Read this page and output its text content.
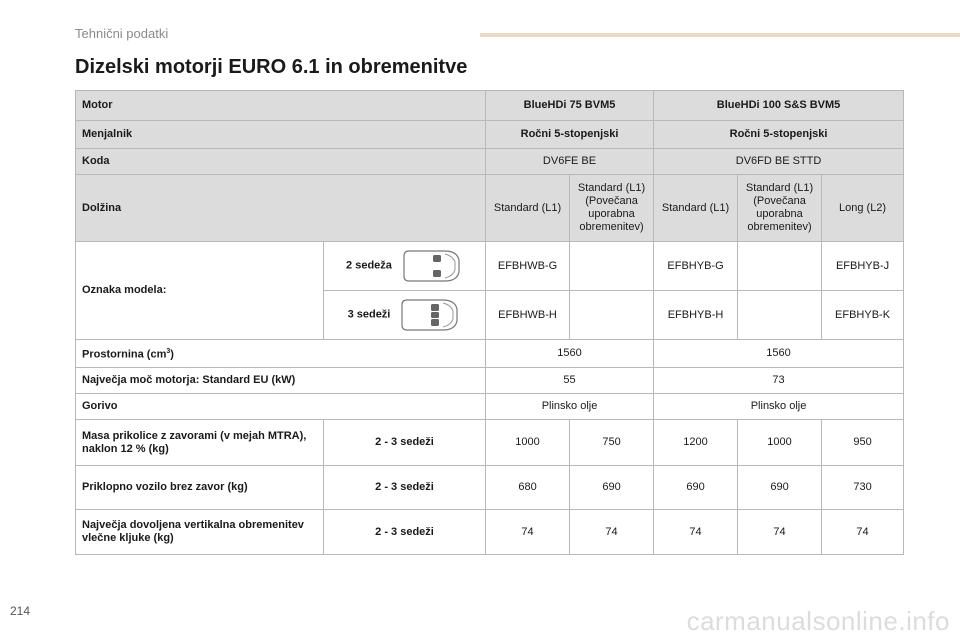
Tehnični podatki
Dizelski motorji EURO 6.1 in obremenitve
Motor		BlueHDi 75 BVM5		BlueHDi 100 S&S BVM5		
Menjalnik		Ročni 5-stopenjski		Ročni 5-stopenjski		
Koda		DV6FE BE		DV6FD BE STTD		
Dolžina		Standard (L1)	Standard (L1) (Povečana uporabna obremenitev)	Standard (L1)	Standard (L1) (Povečana uporabna obremenitev)	Long (L2)
Oznaka modela:	2 sedeža	EFBHWB-G		EFBHYB-G		EFBHYB-J
	3 sedeži	EFBHWB-H		EFBHYB-H		EFBHYB-K
Prostornina $(cm^3)$		1560		1560		
Največja moč motorja: Standard EU (kW)		55		73		
Gorivo		Plinsko olje		Plinsko olje		
Masa prikolice z zavorami (v mejah MTRA), naklon 12 % (kg)	2 - 3 sedeži	1000	750	1200	1000	950
Priklopno vozilo brez zavor (kg)	2 - 3 sedeži	680	690	690	690	730
Največja dovoljena vertikalna obremenitev vlečne kljuke (kg)	2 - 3 sedeži	74	74	74	74	74
214	carmanualsonline.info
